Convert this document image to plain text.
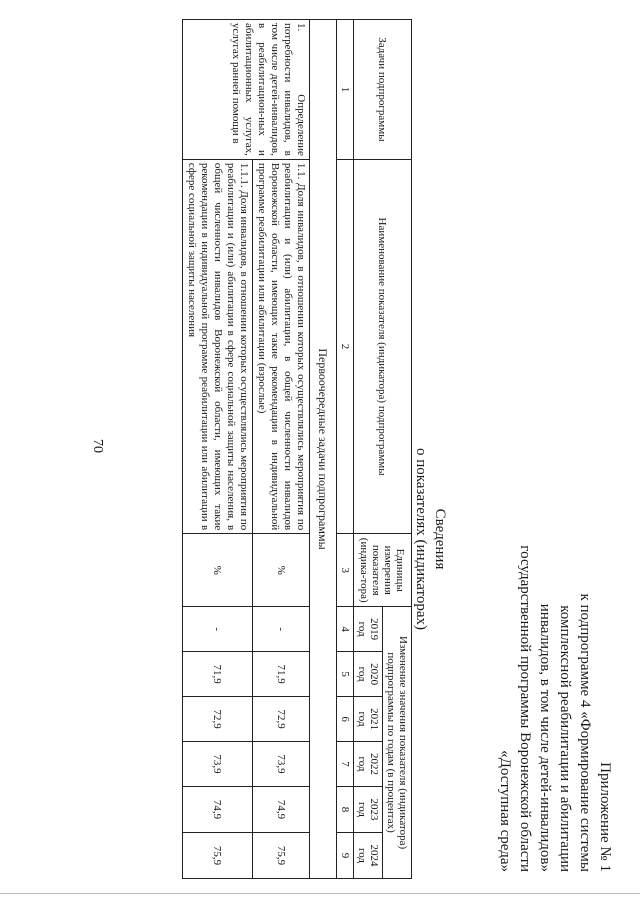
70
Приложение № 1
к подпрограмме 4 «Формирование системы
комплексной реабилитации и абилитации
инвалидов, в том числе детей-инвалидов»
государственной программы Воронежской области
«Доступная среда»
Сведения
о показателях (индикаторах)
Задачи подпрограммы	Наименование показателя (индикатора) подпрограммы	Единицы измерения показателя (индика-тора)	Изменение значения показателя (индикатора) подпрограммы по годам (в процентах)					
			2019 год	2020 год	2021 год	2022 год	2023 год	2024 год
1	2	3	4	5	6	7	8	9
Первоочередные задачи подпрограммы								
1. Определение потребности инвалидов, в том числе детей-инвалидов, в реабилитацион-ных и абилитационных услугах, услугах ранней помощи в	1.1. Доля инвалидов, в отношении которых осуществлялись мероприятия по реабилитации и (или) абилитации, в общей численности инвалидов Воронежской области, имеющих такие рекомендации в индивидуальной программе реабилитации или абилитации (взрослые)	%	-	71,9	72,9	73,9	74,9	75,9
	1.1.1. Доля инвалидов, в отношении которых осуществлялись мероприятия по реабилитации и (или) абилитации в сфере социальной защиты населения, в общей численности инвалидов Воронежской области, имеющих такие рекомендации в индивидуальной программе реабилитации или абилитации в сфере социальной защиты населения	%	-	71,9	72,9	73,9	74,9	75,9
